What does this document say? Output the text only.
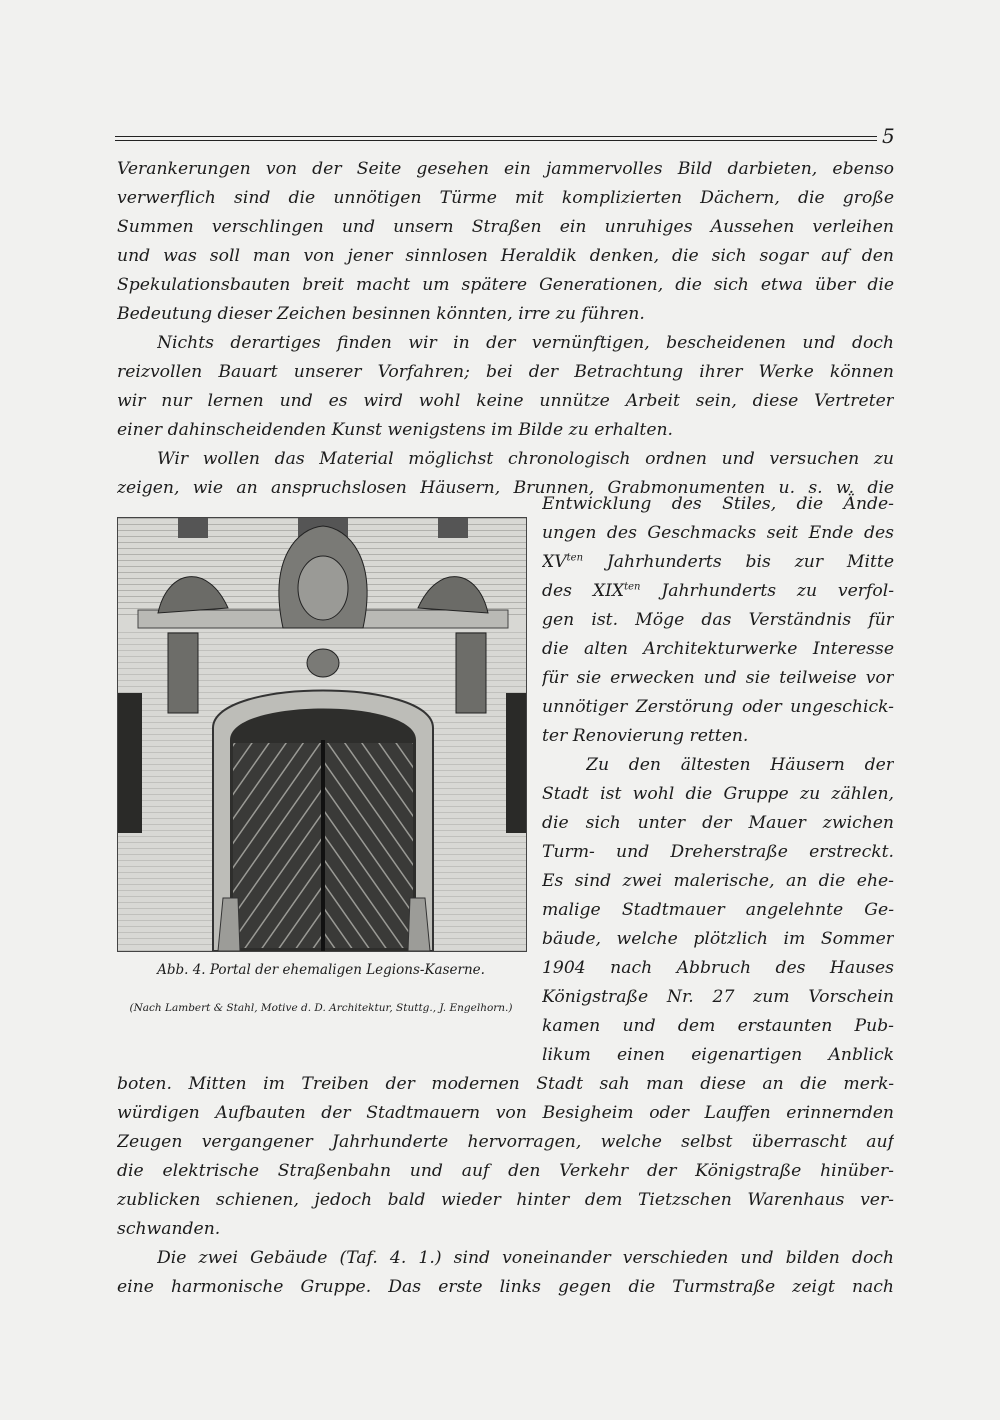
5
Verankerungen von der Seite gesehen ein jammervolles Bild darbieten, ebenso
verwerflich sind die unnötigen Türme mit komplizierten Dächern, die große
Summen verschlingen und unsern Straßen ein unruhiges Aussehen verleihen
und was soll man von jener sinnlosen Heraldik denken, die sich sogar auf den
Spekulationsbauten breit macht um spätere Generationen, die sich etwa über die
Bedeutung dieser Zeichen besinnen könnten, irre zu führen.
Nichts derartiges finden wir in der vernünftigen, bescheidenen und doch
reizvollen Bauart unserer Vorfahren; bei der Betrachtung ihrer Werke können
wir nur lernen und es wird wohl keine unnütze Arbeit sein, diese Vertreter
einer dahinscheidenden Kunst wenigstens im Bilde zu erhalten.
Wir wollen das Material möglichst chronologisch ordnen und versuchen zu
zeigen, wie an anspruchslosen Häusern, Brunnen, Grabmonumenten u. s. w. die
Abb. 4. Portal der ehemaligen Legions-Kaserne.
(Nach Lambert & Stahl, Motive d. D. Architektur, Stuttg., J. Engelhorn.)
Entwicklung des Stiles, die Ände-
ungen des Geschmacks seit Ende des
$XV^{ten}$ Jahrhunderts bis zur Mitte
des $XIX^{ten}$ Jahrhunderts zu verfol-
gen ist. Möge das Verständnis für
die alten Architekturwerke Interesse
für sie erwecken und sie teilweise vor
unnötiger Zerstörung oder ungeschick-
ter Renovierung retten.
Zu den ältesten Häusern der
Stadt ist wohl die Gruppe zu zählen,
die sich unter der Mauer zwichen
Turm- und Dreherstraße erstreckt.
Es sind zwei malerische, an die ehe-
malige Stadtmauer angelehnte Ge-
bäude, welche plötzlich im Sommer
1904 nach Abbruch des Hauses
Königstraße Nr. 27 zum Vorschein
kamen und dem erstaunten Pub-
likum einen eigenartigen Anblick
boten. Mitten im Treiben der modernen Stadt sah man diese an die merk-
würdigen Aufbauten der Stadtmauern von Besigheim oder Lauffen erinnernden
Zeugen vergangener Jahrhunderte hervorragen, welche selbst überrascht auf
die elektrische Straßenbahn und auf den Verkehr der Königstraße hinüber-
zublicken schienen, jedoch bald wieder hinter dem Tietzschen Warenhaus ver-
schwanden.
Die zwei Gebäude (Taf. 4. 1.) sind voneinander verschieden und bilden doch
eine harmonische Gruppe. Das erste links gegen die Turmstraße zeigt nach
